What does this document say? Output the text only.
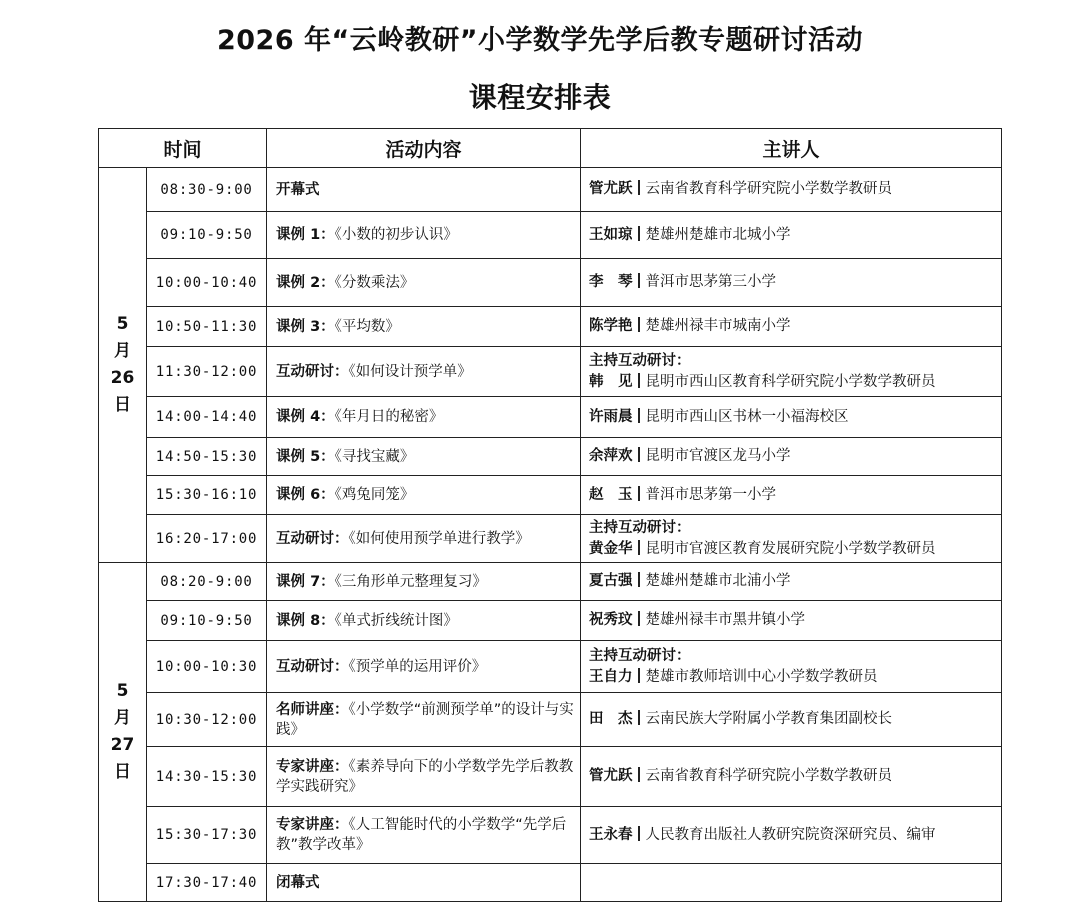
2026 年“云岭教研”小学数学先学后教专题研讨活动
课程安排表
时间		活动内容	主讲人

5
月
26
日	08:30-9:00	开幕式	管尤跃 云南省教育科学研究院小学数学教研员
	09:10-9:50	课例 1：《小数的初步认识》	王如琼 楚雄州楚雄市北城小学
	10:00-10:40	课例 2：《分数乘法》	李　琴 普洱市思茅第三小学
	10:50-11:30	课例 3：《平均数》	陈学艳 楚雄州禄丰市城南小学
	11:30-12:00	互动研讨：《如何设计预学单》	主持互动研讨：
韩　见 昆明市西山区教育科学研究院小学数学教研员
	14:00-14:40	课例 4：《年月日的秘密》	许雨晨 昆明市西山区书林一小福海校区
	14:50-15:30	课例 5：《寻找宝藏》	余萍欢 昆明市官渡区龙马小学
	15:30-16:10	课例 6：《鸡兔同笼》	赵　玉 普洱市思茅第一小学
	16:20-17:00	互动研讨：《如何使用预学单进行教学》	主持互动研讨：
黄金华 昆明市官渡区教育发展研究院小学数学教研员

5
月
27
日	08:20-9:00	课例 7：《三角形单元整理复习》	夏古强 楚雄州楚雄市北浦小学
	09:10-9:50	课例 8：《单式折线统计图》	祝秀玟 楚雄州禄丰市黑井镇小学
	10:00-10:30	互动研讨：《预学单的运用评价》	主持互动研讨：
王自力 楚雄市教师培训中心小学数学教研员
	10:30-12:00	名师讲座：《小学数学“前测预学单”的设计与实践》	田　杰 云南民族大学附属小学教育集团副校长
	14:30-15:30	专家讲座：《素养导向下的小学数学先学后教教学实践研究》	管尤跃 云南省教育科学研究院小学数学教研员
	15:30-17:30	专家讲座：《人工智能时代的小学数学“先学后教”教学改革》	王永春 人民教育出版社人教研究院资深研究员、编审
	17:30-17:40	闭幕式	
